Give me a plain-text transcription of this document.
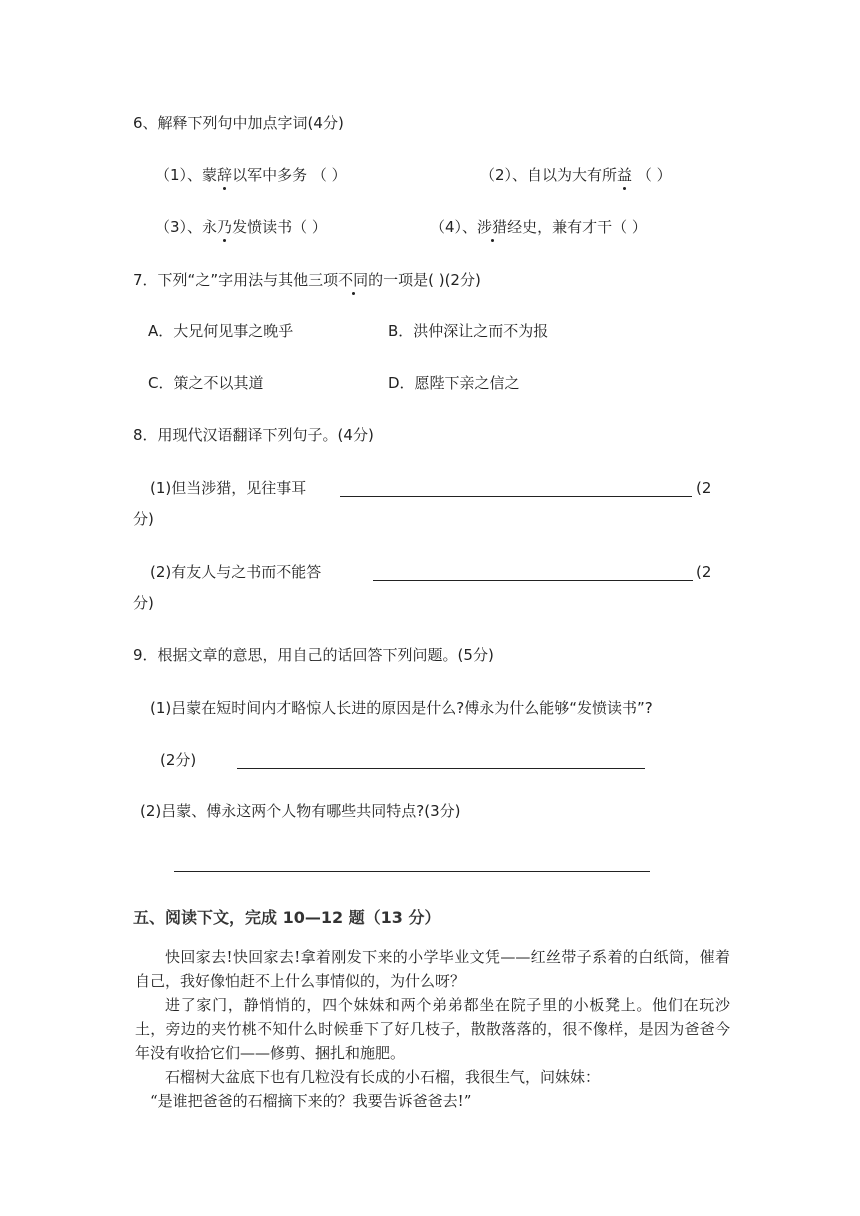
6、解释下列句中加点字词(4分)
（1）、蒙辞以军中多务 （ ）	（2）、自以为大有所益 （ ）
（3）、永乃发愤读书（ ）	（4）、涉猎经史，兼有才干（ ）
7．下列“之”字用法与其他三项不同的一项是( )(2分)
A．大兄何见事之晚乎	B．洪仲深让之而不为报
C．策之不以其道	D．愿陛下亲之信之
8．用现代汉语翻译下列句子。(4分)
(1)但当涉猎，见往事耳	(2
分)
(2)有友人与之书而不能答	(2
分)
9．根据文章的意思，用自己的话回答下列问题。(5分)
(1)吕蒙在短时间内才略惊人长进的原因是什么?傅永为什么能够“发愤读书”?
(2分)
(2)吕蒙、傅永这两个人物有哪些共同特点?(3分)
五、阅读下文，完成 10—12 题（13 分）

快回家去!快回家去!拿着刚发下来的小学毕业文凭——红丝带子系着的白纸筒，催着自己，我好像怕赶不上什么事情似的，为什么呀？

进了家门，静悄悄的，四个妹妹和两个弟弟都坐在院子里的小板凳上。他们在玩沙土，旁边的夹竹桃不知什么时候垂下了好几枝子，散散落落的，很不像样，是因为爸爸今年没有收拾它们——修剪、捆扎和施肥。

石榴树大盆底下也有几粒没有长成的小石榴，我很生气，问妹妹：

“是谁把爸爸的石榴摘下来的？我要告诉爸爸去!”
